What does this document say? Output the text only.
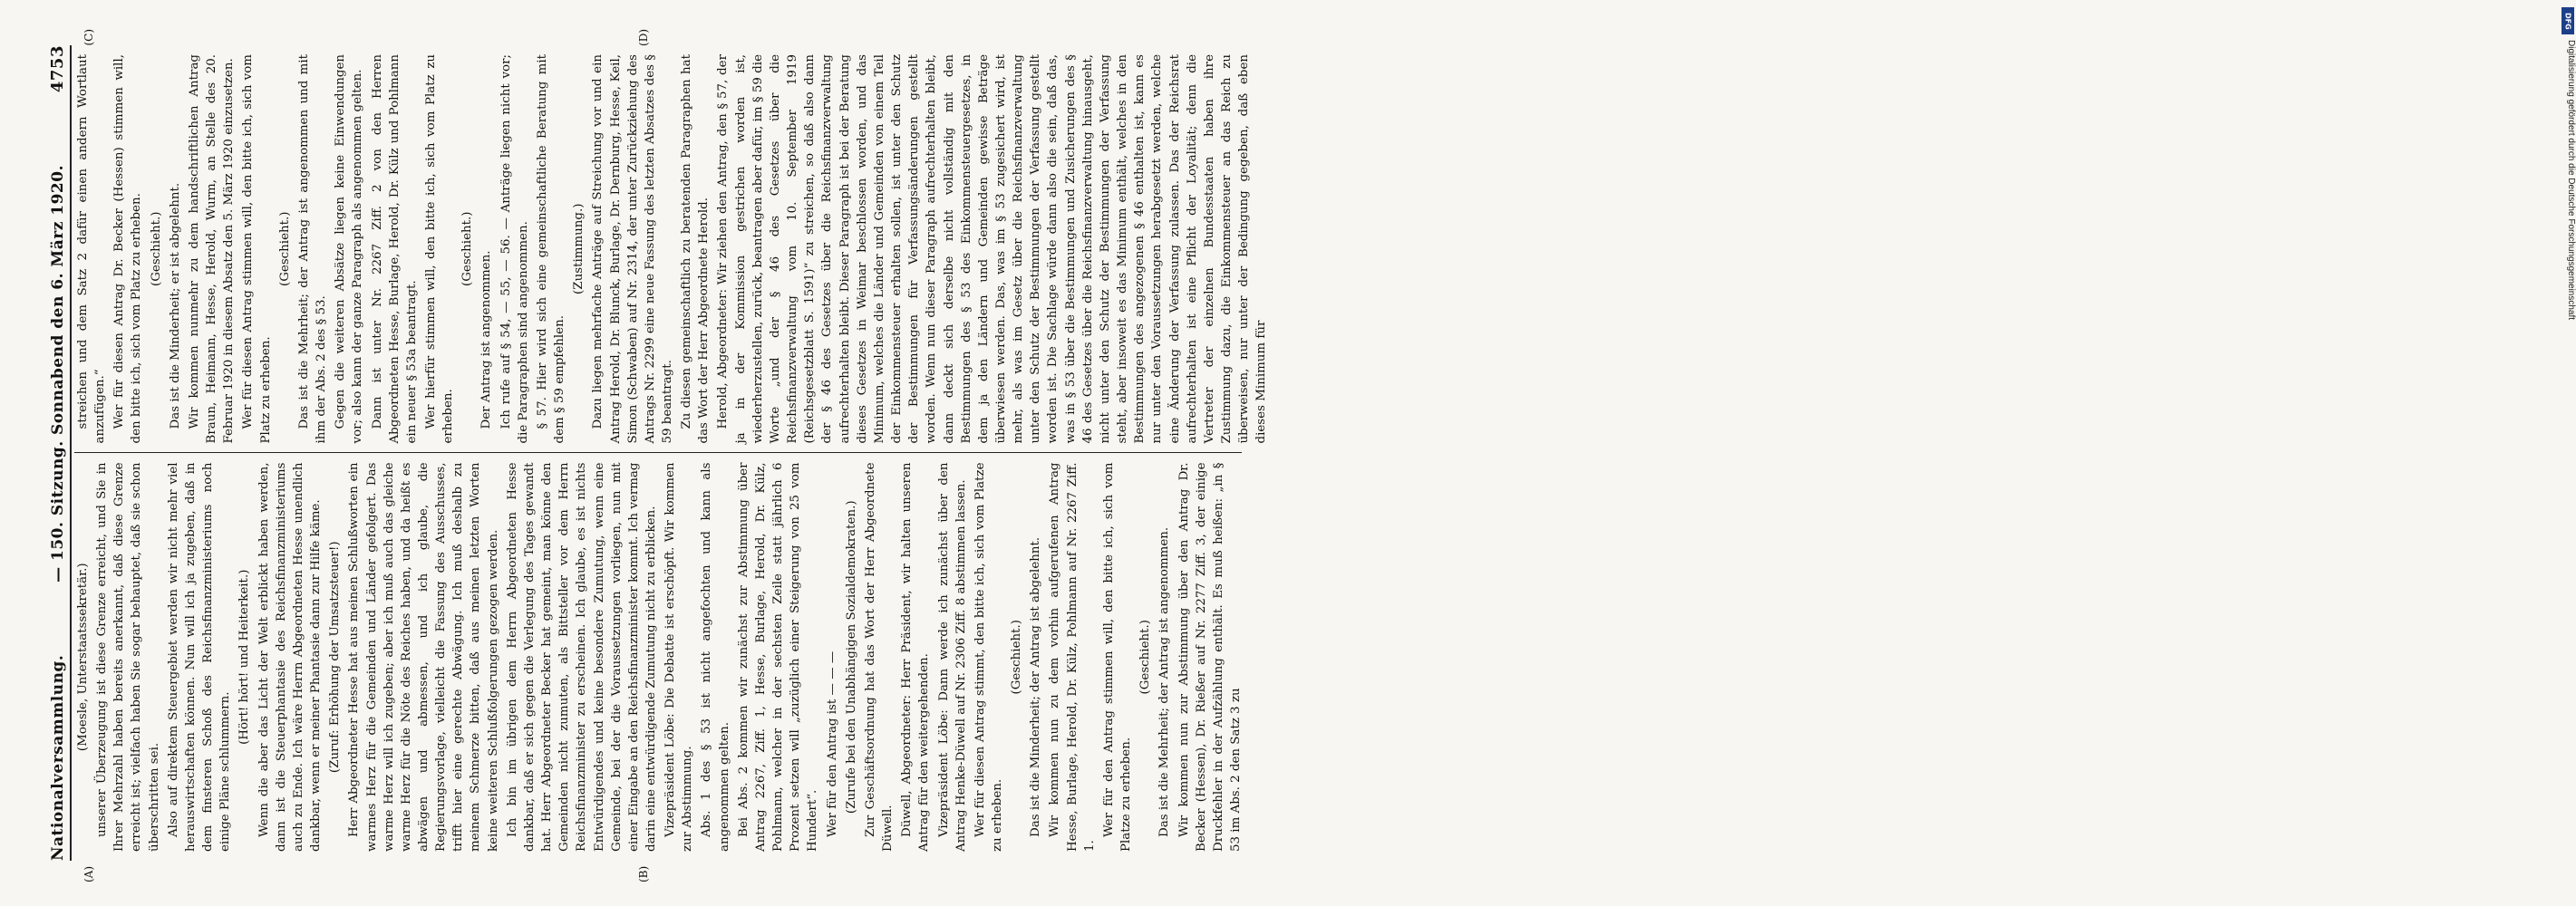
DFG
Digitalisierung gefördert durch die Deutsche Forschungsgemeinschaft
Nationalversammlung.
— 150. Sitzung. Sonnabend den 6. März 1920.
4753
(A)	(B)

(Moesle, Unterstaatssekretär.) unserer Überzeugung ist diese Grenze erreicht, und Sie in Ihrer Mehrzahl haben bereits anerkannt, daß diese Grenze erreicht ist; vielfach haben Sie sogar behauptet, daß sie schon überschritten sei. Also auf direktem Steuergebiet werden wir nicht mehr viel herauswirtschaften können. Nun will ich ja zugeben, daß in dem finsteren Schoß des Reichsfinanzministeriums noch einige Pläne schlummern.

(Hört! hört! und Heiterkeit.) Wenn die aber das Licht der Welt erblickt haben werden, dann ist die Steuerphantasie des Reichsfinanzministeriums auch zu Ende. Ich wäre Herrn Abgeordneten Hesse unendlich dankbar, wenn er meiner Phantasie dann zur Hilfe käme. (Zuruf: Erhöhung der Umsatzsteuer!) Herr Abgeordneter Hesse hat aus meinen Schlußworten ein warmes Herz für die Gemeinden und Länder gefolgert. Das warme Herz will ich zugeben; aber ich muß auch das gleiche warme Herz für die Nöte des Reiches haben, und da heißt es abwägen und abmessen, und ich glaube, die Regierungsvorlage, vielleicht die Fassung des Ausschusses, trifft hier eine gerechte Abwägung. Ich muß deshalb zu meinem Schmerze bitten, daß aus meinen letzten Worten keine weiteren Schlußfolgerungen gezogen werden. Ich bin im übrigen dem Herrn Abgeordneten Hesse dankbar, daß er sich gegen die Verlegung des Tages gewandt hat. Herr Abgeordneter Becker hat gemeint, man könne den Gemeinden nicht zumuten, als Bittsteller vor dem Herrn Reichsfinanzminister zu erscheinen. Ich glaube, es ist nichts Entwürdigendes und keine besondere Zumutung, wenn eine Gemeinde, bei der die Voraussetzungen vorliegen, nun mit einer Eingabe an den Reichsfinanzminister kommt. Ich vermag darin eine entwürdigende Zumutung nicht zu erblicken. Vizepräsident Löbe: Die Debatte ist erschöpft. Wir kommen zur Abstimmung. Abs. 1 des § 53 ist nicht angefochten und kann als angenommen gelten. Bei Abs. 2 kommen wir zunächst zur Abstimmung über Antrag 2267, Ziff. 1, Hesse, Burlage, Herold, Dr. Külz, Pohlmann, welcher in der sechsten Zeile statt jährlich 6 Prozent setzen will „zuzüglich einer Steigerung von 25 vom Hundert“. Wer für den Antrag ist — — — (Zurufe bei den Unabhängigen Sozialdemokraten.) Zur Geschäftsordnung hat das Wort der Herr Abgeordnete Düwell. Düwell, Abgeordneter: Herr Präsident, wir halten unseren Antrag für den weitergehenden. Vizepräsident Löbe: Dann werde ich zunächst über den Antrag Henke-Düwell auf Nr. 2306 Ziff. 8 abstimmen lassen. Wer für diesen Antrag stimmt, den bitte ich, sich vom Platze zu erheben.

(Geschieht.) Das ist die Minderheit; der Antrag ist abgelehnt. Wir kommen nun zu dem vorhin aufgerufenen Antrag Hesse, Burlage, Herold, Dr. Külz, Pohlmann auf Nr. 2267 Ziff. 1.

Wer für den Antrag stimmen will, den bitte ich, sich vom Platze zu erheben.

(Geschieht.) Das ist die Mehrheit; der Antrag ist angenommen. Wir kommen nun zur Abstimmung über den Antrag Dr. Becker (Hessen), Dr. Rießer auf Nr. 2277 Ziff. 3, der einige Druckfehler in der Aufzählung enthält. Es muß heißen: „in § 53 im Abs. 2 den Satz 3 zu

(C)	(D)

streichen und dem Satz 2 dafür einen andern Wortlaut anzufügen.“ Wer für diesen Antrag Dr. Becker (Hessen) stimmen will, den bitte ich, sich vom Platz zu erheben. (Geschieht.) Das ist die Minderheit; er ist abgelehnt. Wir kommen nunmehr zu dem handschriftlichen Antrag Braun, Heimann, Hesse, Herold, Wurm, an Stelle des 20. Februar 1920 in diesem Absatz den 5. März 1920 einzusetzen. Wer für diesen Antrag stimmen will, den bitte ich, sich vom Platz zu erheben.

(Geschieht.) Das ist die Mehrheit; der Antrag ist angenommen und mit ihm der Abs. 2 des § 53. Gegen die weiteren Absätze liegen keine Einwendungen vor; also kann der ganze Paragraph als angenommen gelten. Dann ist unter Nr. 2267 Ziff. 2 von den Herren Abgeordneten Hesse, Burlage, Herold, Dr. Külz und Pohlmann ein neuer § 53a beantragt. Wer hierfür stimmen will, den bitte ich, sich vom Platz zu erheben.

(Geschieht.)

Der Antrag ist angenommen. Ich rufe auf § 54, — 55, — 56. — Anträge liegen nicht vor; die Paragraphen sind angenommen. § 57. Hier wird sich eine gemeinschaftliche Beratung mit dem § 59 empfehlen.

(Zustimmung.) Dazu liegen mehrfache Anträge auf Streichung vor und ein Antrag Herold, Dr. Blunck, Burlage, Dr. Dernburg, Hesse, Keil, Simon (Schwaben) auf Nr. 2314, der unter Zurückziehung des Antrags Nr. 2299 eine neue Fassung des letzten Absatzes des § 59 beantragt. Zu diesen gemeinschaftlich zu beratenden Paragraphen hat das Wort der Herr Abgeordnete Herold. Herold, Abgeordneter: Wir ziehen den Antrag, den § 57, der ja in der Kommission gestrichen worden ist, wiederherzustellen, zurück, beantragen aber dafür, im § 59 die Worte „und der § 46 des Gesetzes über die Reichsfinanzverwaltung vom 10. September 1919 (Reichsgesetzblatt S. 1591)“ zu streichen, so daß also dann der § 46 des Gesetzes über die Reichsfinanzverwaltung aufrechterhalten bleibt. Dieser Paragraph ist bei der Beratung dieses Gesetzes in Weimar beschlossen worden, und das Minimum, welches die Länder und Gemeinden von einem Teil der Einkommensteuer erhalten sollen, ist unter den Schutz der Bestimmungen für Verfassungsänderungen gestellt worden. Wenn nun dieser Paragraph aufrechterhalten bleibt, dann deckt sich derselbe nicht vollständig mit den Bestimmungen des § 53 des Einkommensteuergesetzes, in dem ja den Ländern und Gemeinden gewisse Beträge überwiesen werden. Das, was im § 53 zugesichert wird, ist mehr, als was im Gesetz über die Reichsfinanzverwaltung unter den Schutz der Bestimmungen der Verfassung gestellt worden ist. Die Sachlage würde dann also die sein, daß das, was in § 53 über die Bestimmungen und Zusicherungen des § 46 des Gesetzes über die Reichsfinanzverwaltung hinausgeht, nicht unter den Schutz der Bestimmungen der Verfassung steht, aber insoweit es das Minimum enthält, welches in den Bestimmungen des angezogenen § 46 enthalten ist, kann es nur unter den Voraussetzungen herabgesetzt werden, welche eine Änderung der Verfassung zulassen. Das der Reichsrat aufrechterhalten ist eine Pflicht der Loyalität; denn die Vertreter der einzelnen Bundesstaaten haben ihre Zustimmung dazu, die Einkommensteuer an das Reich zu überweisen, nur unter der Bedingung gegeben, daß eben dieses Minimum für
